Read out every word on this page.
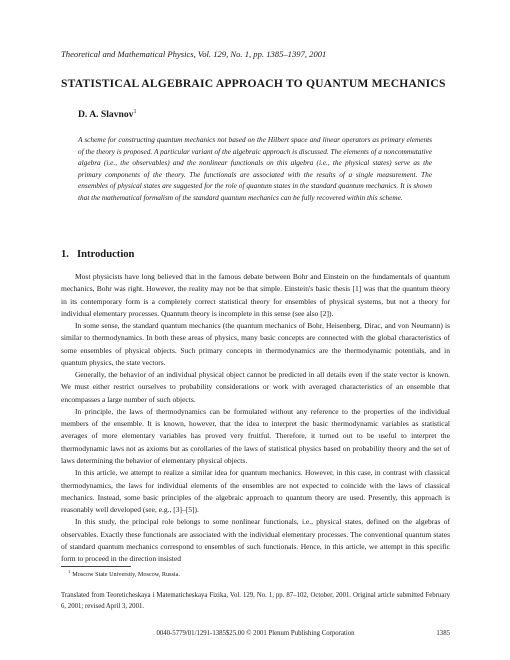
Theoretical and Mathematical Physics, Vol. 129, No. 1, pp. 1385–1397, 2001
STATISTICAL ALGEBRAIC APPROACH TO QUANTUM MECHANICS
D. A. Slavnov$^1$
A scheme for constructing quantum mechanics not based on the Hilbert space and linear operators as primary elements of the theory is proposed. A particular variant of the algebraic approach is discussed. The elements of a noncommutative algebra (i.e., the observables) and the nonlinear functionals on this algebra (i.e., the physical states) serve as the primary components of the theory. The functionals are associated with the results of a single measurement. The ensembles of physical states are suggested for the role of quantum states in the standard quantum mechanics. It is shown that the mathematical formalism of the standard quantum mechanics can be fully recovered within this scheme.
1. Introduction

Most physicists have long believed that in the famous debate between Bohr and Einstein on the fundamentals of quantum mechanics, Bohr was right. However, the reality may not be that simple. Einstein's basic thesis [1] was that the quantum theory in its contemporary form is a completely correct statistical theory for ensembles of physical systems, but not a theory for individual elementary processes. Quantum theory is incomplete in this sense (see also [2]).

In some sense, the standard quantum mechanics (the quantum mechanics of Bohr, Heisenberg, Dirac, and von Neumann) is similar to thermodynamics. In both these areas of physics, many basic concepts are connected with the global characteristics of some ensembles of physical objects. Such primary concepts in thermodynamics are the thermodynamic potentials, and in quantum physics, the state vectors.

Generally, the behavior of an individual physical object cannot be predicted in all details even if the state vector is known. We must either restrict ourselves to probability considerations or work with averaged characteristics of an ensemble that encompasses a large number of such objects.

In principle, the laws of thermodynamics can be formulated without any reference to the properties of the individual members of the ensemble. It is known, however, that the idea to interpret the basic thermodynamic variables as statistical averages of more elementary variables has proved very fruitful. Therefore, it turned out to be useful to interpret the thermodynamic laws not as axioms but as corollaries of the laws of statistical physics based on probability theory and the set of laws determining the behavior of elementary physical objects.

In this article, we attempt to realize a similar idea for quantum mechanics. However, in this case, in contrast with classical thermodynamics, the laws for individual elements of the ensembles are not expected to coincide with the laws of classical mechanics. Instead, some basic principles of the algebraic approach to quantum theory are used. Presently, this approach is reasonably well developed (see, e.g., [3]–[5]).

In this study, the principal role belongs to some nonlinear functionals, i.e., physical states, defined on the algebras of observables. Exactly these functionals are associated with the individual elementary processes. The conventional quantum states of standard quantum mechanics correspond to ensembles of such functionals. Hence, in this article, we attempt in this specific form to proceed in the direction insisted

$^1$ Moscow State University, Moscow, Russia.
Translated from Teoreticheskaya i Matematicheskaya Fizika, Vol. 129, No. 1, pp. 87–102, October, 2001. Original article submitted February 6, 2001; revised April 3, 2001.
0040-5779/01/1291-1385$25.00 © 2001 Plenum Publishing Corporation	1385
